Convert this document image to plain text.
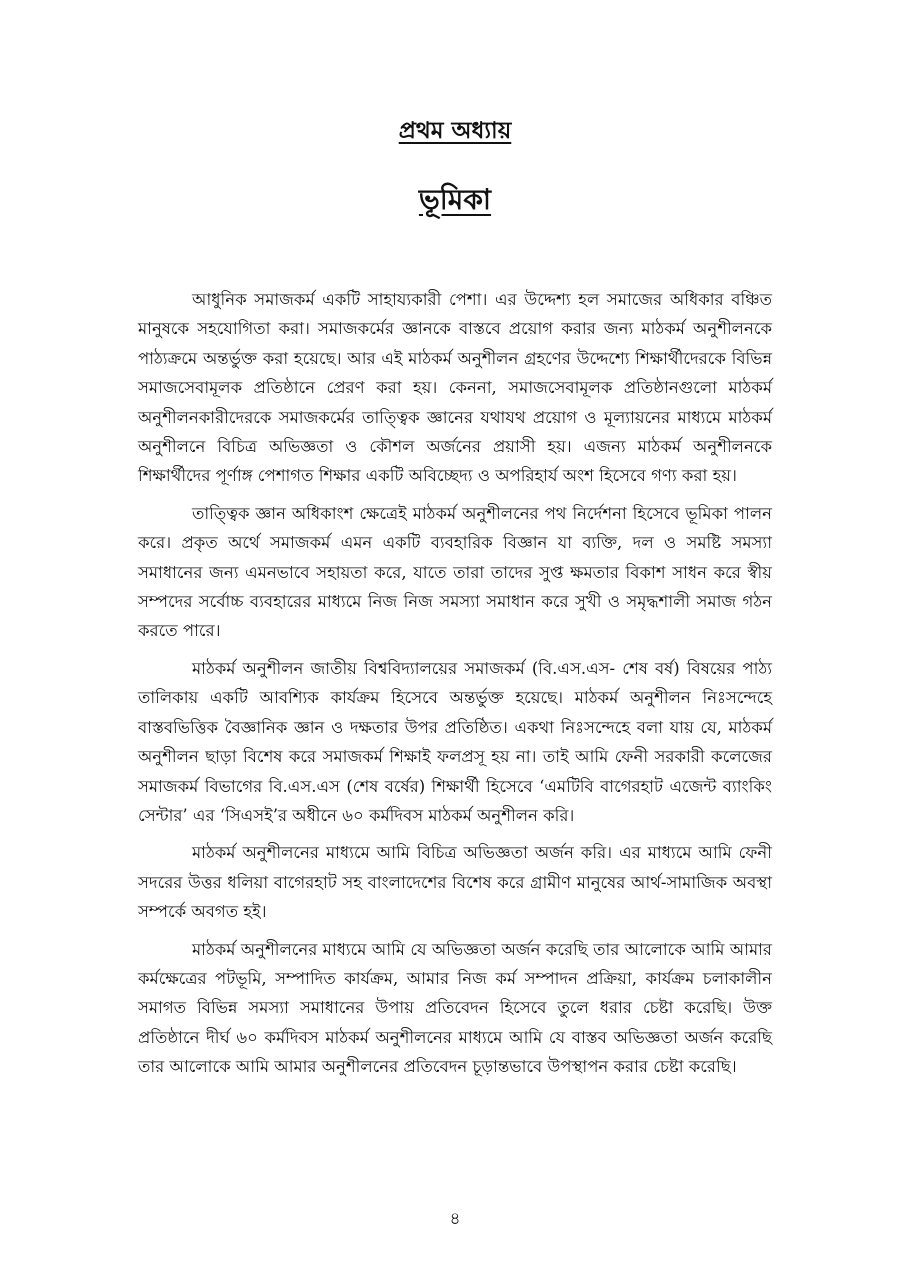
প্রথম অধ্যায়
ভূমিকা

আধুনিক সমাজকর্ম একটি সাহায্যকারী পেশা। এর উদ্দেশ্য হল সমাজের অধিকার বঞ্চিত মানুষকে সহযোগিতা করা। সমাজকর্মের জ্ঞানকে বাস্তবে প্রয়োগ করার জন্য মাঠকর্ম অনুশীলনকে পাঠ্যক্রমে অন্তর্ভুক্ত করা হয়েছে। আর এই মাঠকর্ম অনুশীলন গ্রহণের উদ্দেশ্যে শিক্ষার্থীদেরকে বিভিন্ন সমাজসেবামূলক প্রতিষ্ঠানে প্রেরণ করা হয়। কেননা, সমাজসেবামূলক প্রতিষ্ঠানগুলো মাঠকর্ম অনুশীলনকারীদেরকে সমাজকর্মের তাত্ত্বিক জ্ঞানের যথাযথ প্রয়োগ ও মূল্যায়নের মাধ্যমে মাঠকর্ম অনুশীলনে বিচিত্র অভিজ্ঞতা ও কৌশল অর্জনের প্রয়াসী হয়। এজন্য মাঠকর্ম অনুশীলনকে শিক্ষার্থীদের পূর্ণাঙ্গ পেশাগত শিক্ষার একটি অবিচ্ছেদ্য ও অপরিহার্য অংশ হিসেবে গণ্য করা হয়।

তাত্ত্বিক জ্ঞান অধিকাংশ ক্ষেত্রেই মাঠকর্ম অনুশীলনের পথ নির্দেশনা হিসেবে ভূমিকা পালন করে। প্রকৃত অর্থে সমাজকর্ম এমন একটি ব্যবহারিক বিজ্ঞান যা ব্যক্তি, দল ও সমষ্টি সমস্যা সমাধানের জন্য এমনভাবে সহায়তা করে, যাতে তারা তাদের সুপ্ত ক্ষমতার বিকাশ সাধন করে স্বীয় সম্পদের সর্বোচ্চ ব্যবহারের মাধ্যমে নিজ নিজ সমস্যা সমাধান করে সুখী ও সমৃদ্ধশালী সমাজ গঠন করতে পারে।

মাঠকর্ম অনুশীলন জাতীয় বিশ্ববিদ্যালয়ের সমাজকর্ম (বি.এস.এস- শেষ বর্ষ) বিষয়ের পাঠ্য তালিকায় একটি আবশ্যিক কার্যক্রম হিসেবে অন্তর্ভুক্ত হয়েছে। মাঠকর্ম অনুশীলন নিঃসন্দেহে বাস্তবভিত্তিক বৈজ্ঞানিক জ্ঞান ও দক্ষতার উপর প্রতিষ্ঠিত। একথা নিঃসন্দেহে বলা যায় যে, মাঠকর্ম অনুশীলন ছাড়া বিশেষ করে সমাজকর্ম শিক্ষাই ফলপ্রসূ হয় না। তাই আমি ফেনী সরকারী কলেজের সমাজকর্ম বিভাগের বি.এস.এস (শেষ বর্ষের) শিক্ষার্থী হিসেবে ‘এমটিবি বাগেরহাট এজেন্ট ব্যাংকিং সেন্টার’ এর ‘সিএসই’র অধীনে ৬০ কর্মদিবস মাঠকর্ম অনুশীলন করি।

মাঠকর্ম অনুশীলনের মাধ্যমে আমি বিচিত্র অভিজ্ঞতা অর্জন করি। এর মাধ্যমে আমি ফেনী সদরের উত্তর ধলিয়া বাগেরহাট সহ বাংলাদেশের বিশেষ করে গ্রামীণ মানুষের আর্থ-সামাজিক অবস্থা সম্পর্কে অবগত হই।

মাঠকর্ম অনুশীলনের মাধ্যমে আমি যে অভিজ্ঞতা অর্জন করেছি তার আলোকে আমি আমার কর্মক্ষেত্রের পটভূমি, সম্পাদিত কার্যক্রম, আমার নিজ কর্ম সম্পাদন প্রক্রিয়া, কার্যক্রম চলাকালীন সমাগত বিভিন্ন সমস্যা সমাধানের উপায় প্রতিবেদন হিসেবে তুলে ধরার চেষ্টা করেছি। উক্ত প্রতিষ্ঠানে দীর্ঘ ৬০ কর্মদিবস মাঠকর্ম অনুশীলনের মাধ্যমে আমি যে বাস্তব অভিজ্ঞতা অর্জন করেছি তার আলোকে আমি আমার অনুশীলনের প্রতিবেদন চূড়ান্তভাবে উপস্থাপন করার চেষ্টা করেছি।

৪
